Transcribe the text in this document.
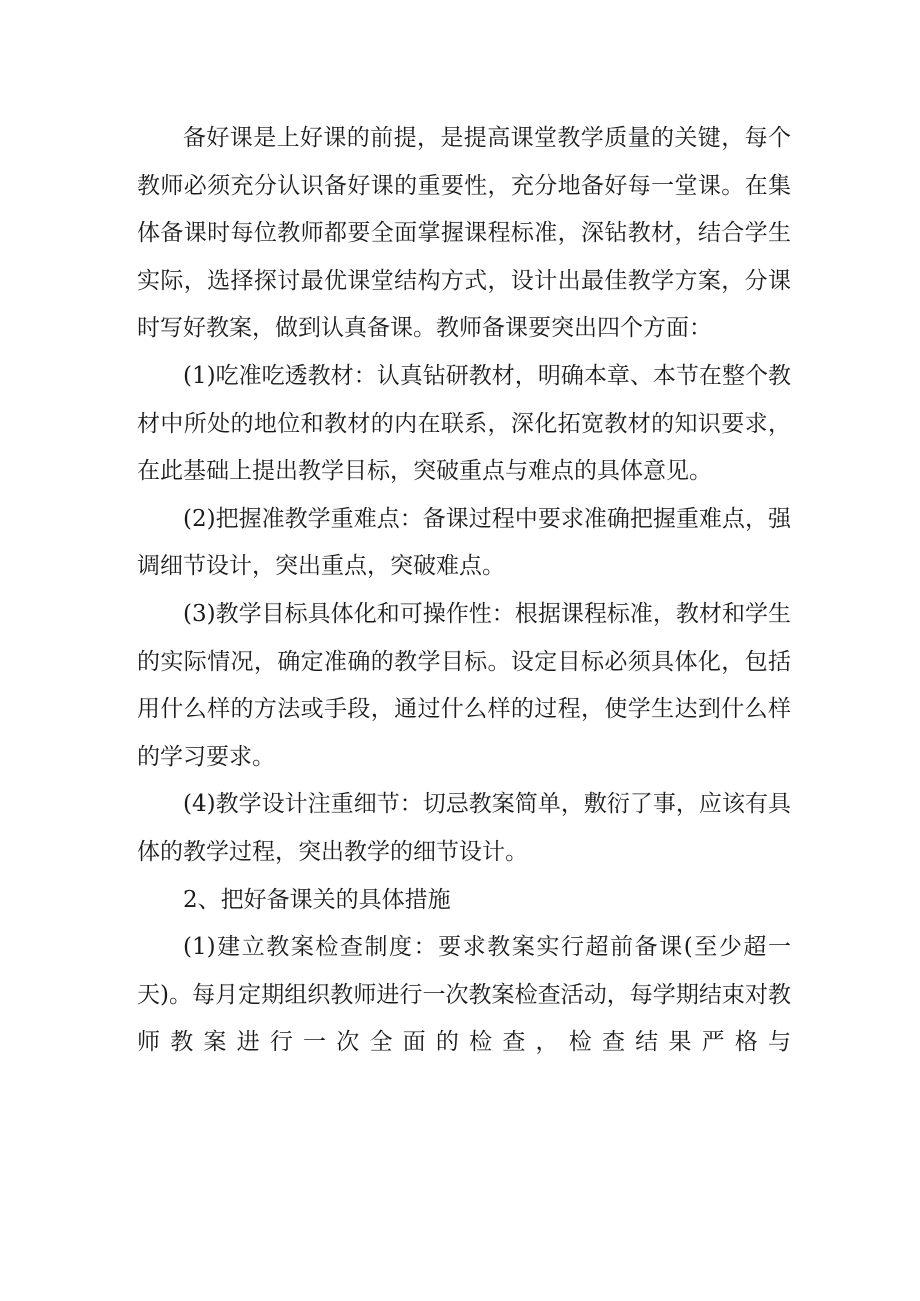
备好课是上好课的前提，是提高课堂教学质量的关键，每个教师必须充分认识备好课的重要性，充分地备好每一堂课。在集体备课时每位教师都要全面掌握课程标准，深钻教材，结合学生实际，选择探讨最优课堂结构方式，设计出最佳教学方案，分课时写好教案，做到认真备课。教师备课要突出四个方面：

(1)吃准吃透教材：认真钻研教材，明确本章、本节在整个教材中所处的地位和教材的内在联系，深化拓宽教材的知识要求，在此基础上提出教学目标，突破重点与难点的具体意见。

(2)把握准教学重难点：备课过程中要求准确把握重难点，强调细节设计，突出重点，突破难点。

(3)教学目标具体化和可操作性：根据课程标准，教材和学生的实际情况，确定准确的教学目标。设定目标必须具体化，包括用什么样的方法或手段，通过什么样的过程，使学生达到什么样的学习要求。

(4)教学设计注重细节：切忌教案简单，敷衍了事，应该有具体的教学过程，突出教学的细节设计。

2、把好备课关的具体措施

(1)建立教案检查制度：要求教案实行超前备课(至少超一天)。每月定期组织教师进行一次教案检查活动，每学期结束对教师教案进行一次全面的检查，检查结果严格与
